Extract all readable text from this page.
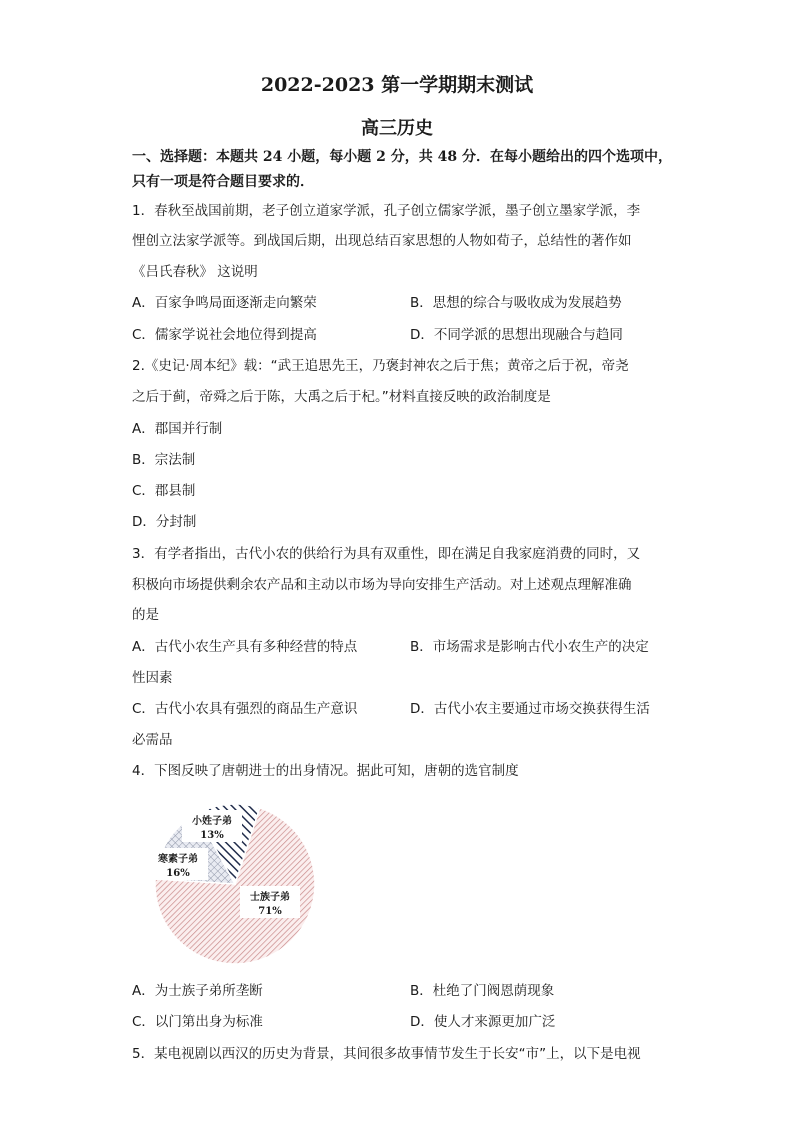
2022-2023 第一学期期末测试
高三历史
一、选择题：本题共 24 小题，每小题 2 分，共 48 分．在每小题给出的四个选项中，
只有一项是符合题目要求的．
1．春秋至战国前期，老子创立道家学派，孔子创立儒家学派，墨子创立墨家学派，李
悝创立法家学派等。到战国后期，出现总结百家思想的人物如荀子，总结性的著作如
《吕氏春秋》 这说明
A．百家争鸣局面逐渐走向繁荣	B．思想的综合与吸收成为发展趋势
C．儒家学说社会地位得到提高	D．不同学派的思想出现融合与趋同
2.《史记·周本纪》载：“武王追思先王，乃褒封神农之后于焦；黄帝之后于祝，帝尧
之后于蓟，帝舜之后于陈，大禹之后于杞。”材料直接反映的政治制度是
A．郡国并行制
B．宗法制
C．郡县制
D．分封制
3．有学者指出，古代小农的供给行为具有双重性，即在满足自我家庭消费的同时，又
积极向市场提供剩余农产品和主动以市场为导向安排生产活动。对上述观点理解准确
的是
A．古代小农生产具有多种经营的特点	B．市场需求是影响古代小农生产的决定
性因素
C．古代小农具有强烈的商品生产意识	D．古代小农主要通过市场交换获得生活
必需品
4．下图反映了唐朝进士的出身情况。据此可知，唐朝的选官制度
士族子弟
71%
寒素子弟
16%
小姓子弟
13%
A．为士族子弟所垄断	B．杜绝了门阀恩荫现象
C．以门第出身为标准	D．使人才来源更加广泛
5．某电视剧以西汉的历史为背景，其间很多故事情节发生于长安“市”上，以下是电视
